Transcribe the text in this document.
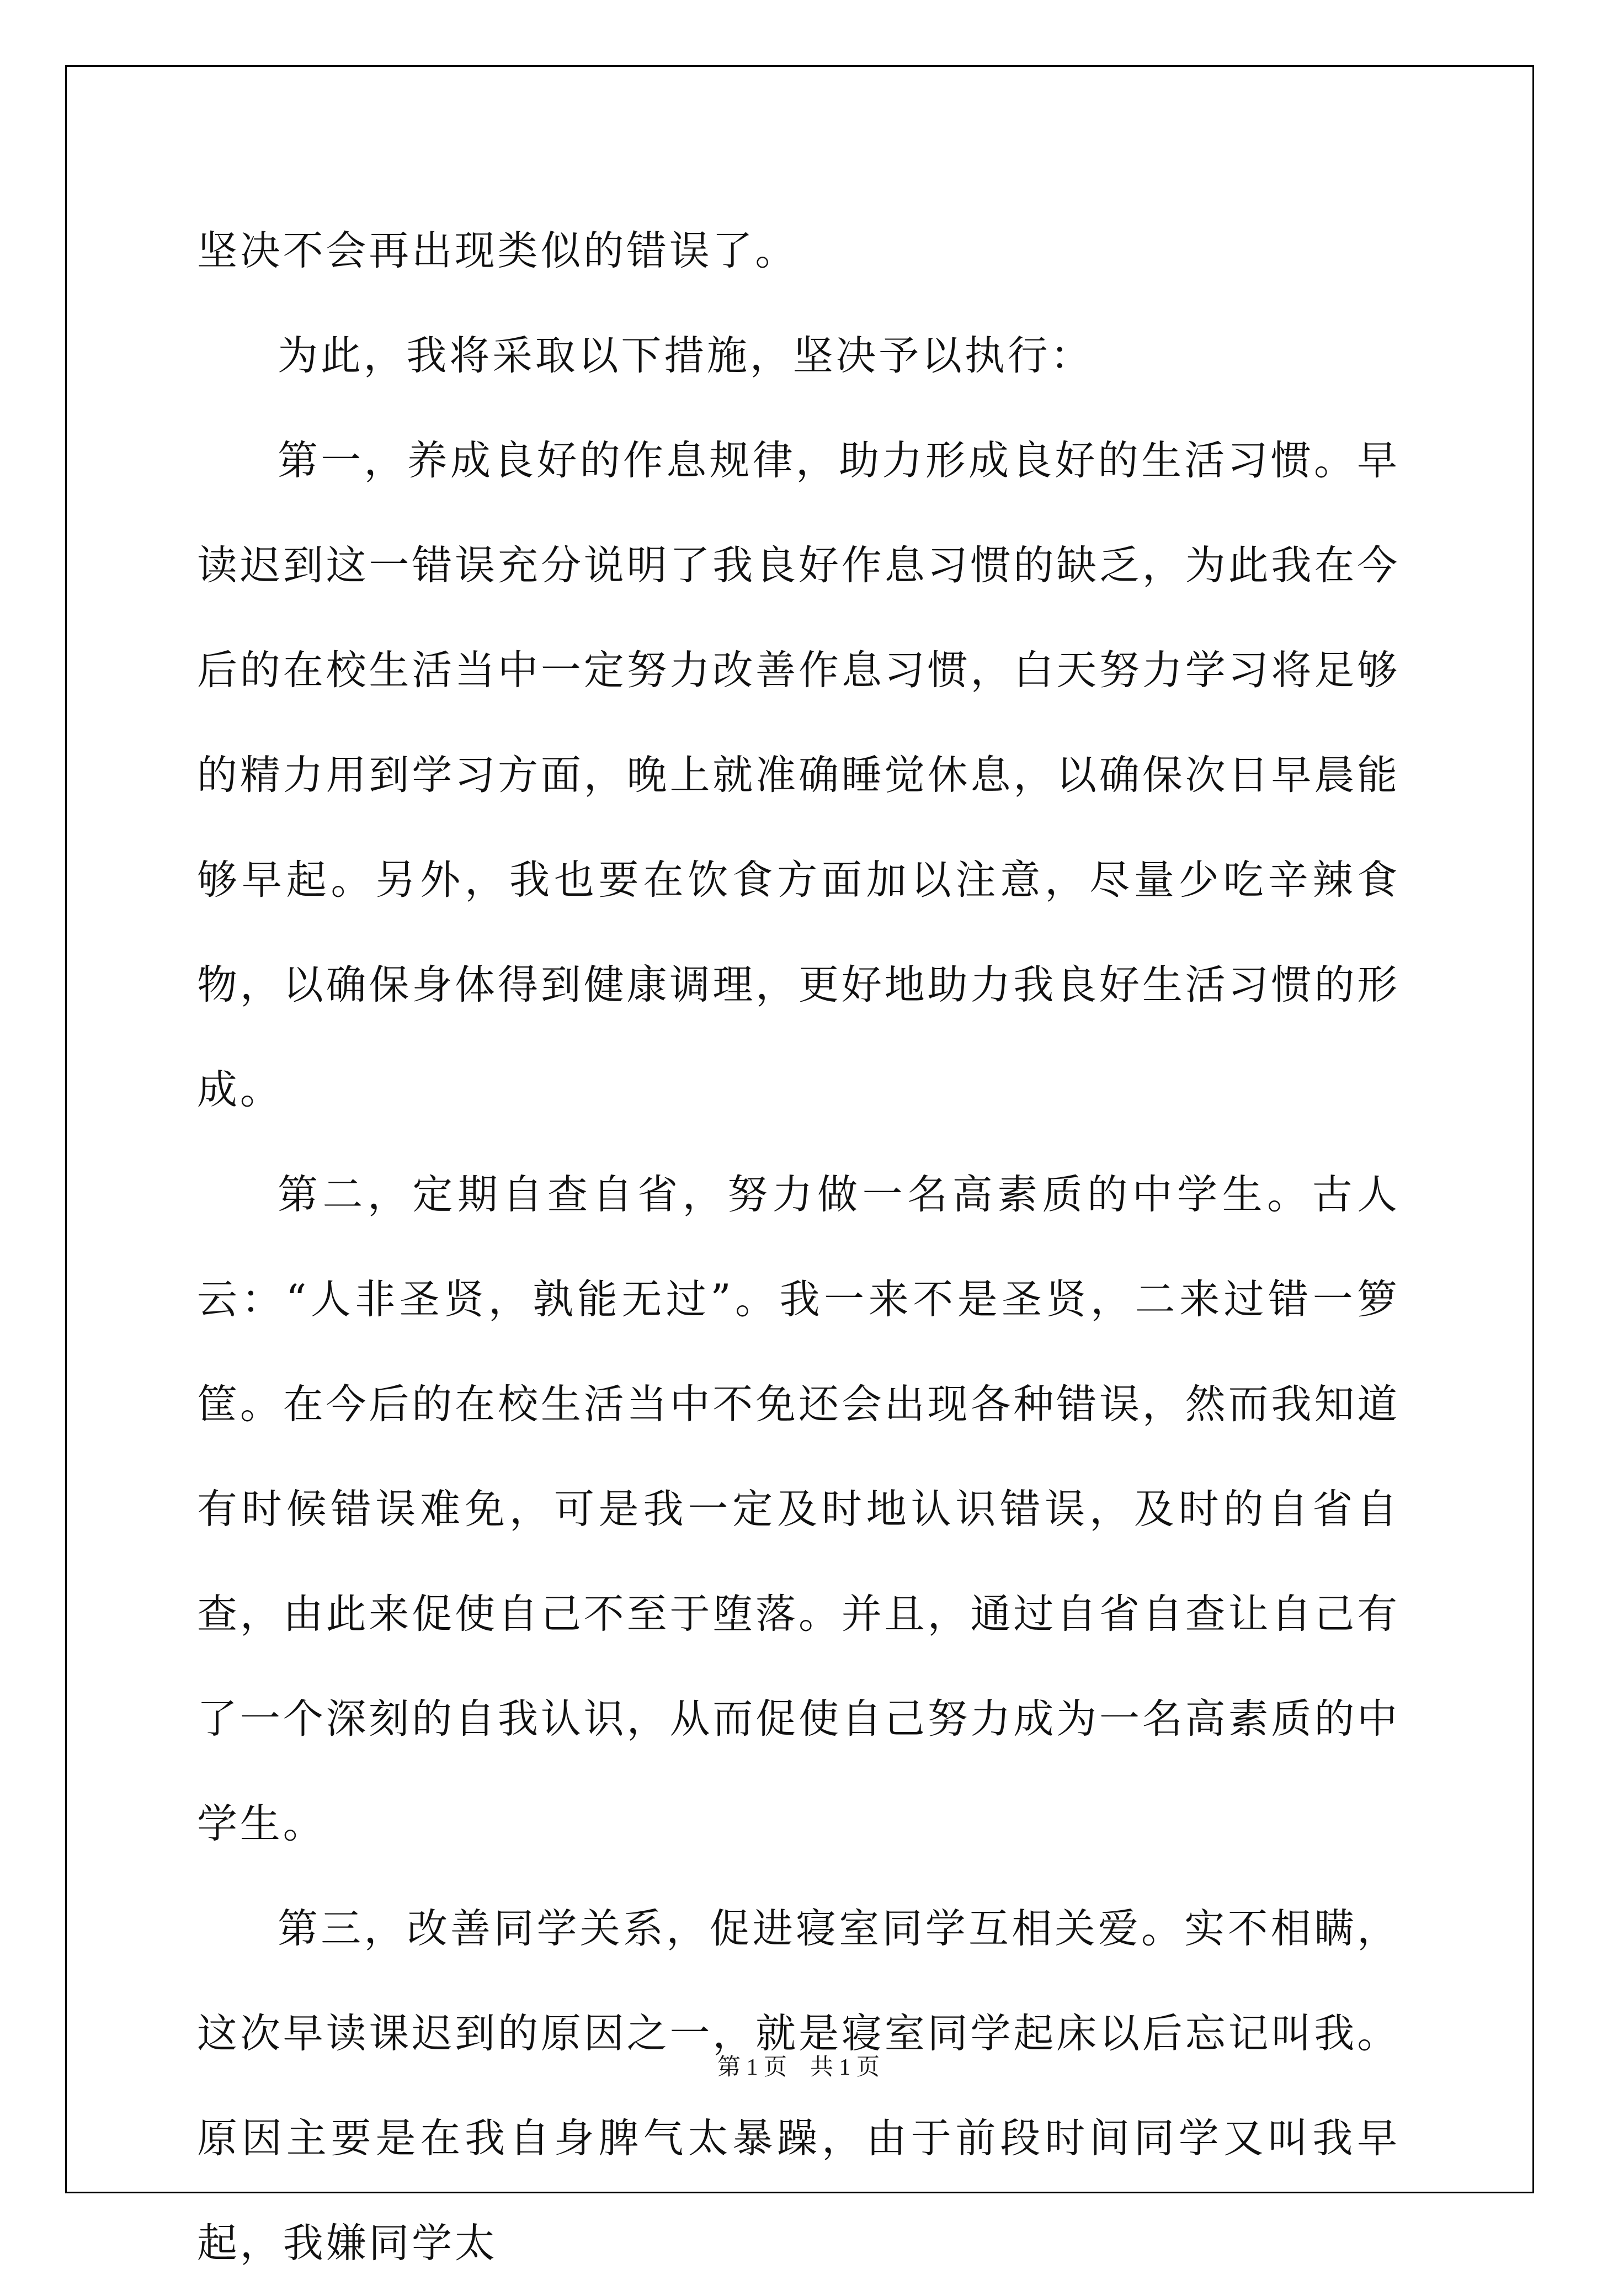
坚决不会再出现类似的错误了。

为此，我将采取以下措施，坚决予以执行：

第一，养成良好的作息规律，助力形成良好的生活习惯。早读迟到这一错误充分说明了我良好作息习惯的缺乏，为此我在今后的在校生活当中一定努力改善作息习惯，白天努力学习将足够的精力用到学习方面，晚上就准确睡觉休息，以确保次日早晨能够早起。另外，我也要在饮食方面加以注意，尽量少吃辛辣食物，以确保身体得到健康调理，更好地助力我良好生活习惯的形成。

第二，定期自查自省，努力做一名高素质的中学生。古人云：“人非圣贤，孰能无过”。我一来不是圣贤，二来过错一箩筐。在今后的在校生活当中不免还会出现各种错误，然而我知道有时候错误难免，可是我一定及时地认识错误，及时的自省自查，由此来促使自己不至于堕落。并且，通过自省自查让自己有了一个深刻的自我认识，从而促使自己努力成为一名高素质的中学生。

第三，改善同学关系，促进寝室同学互相关爱。实不相瞒，这次早读课迟到的原因之一，就是寝室同学起床以后忘记叫我。原因主要是在我自身脾气太暴躁，由于前段时间同学又叫我早起，我嫌同学太

第 1 页    共 1 页
